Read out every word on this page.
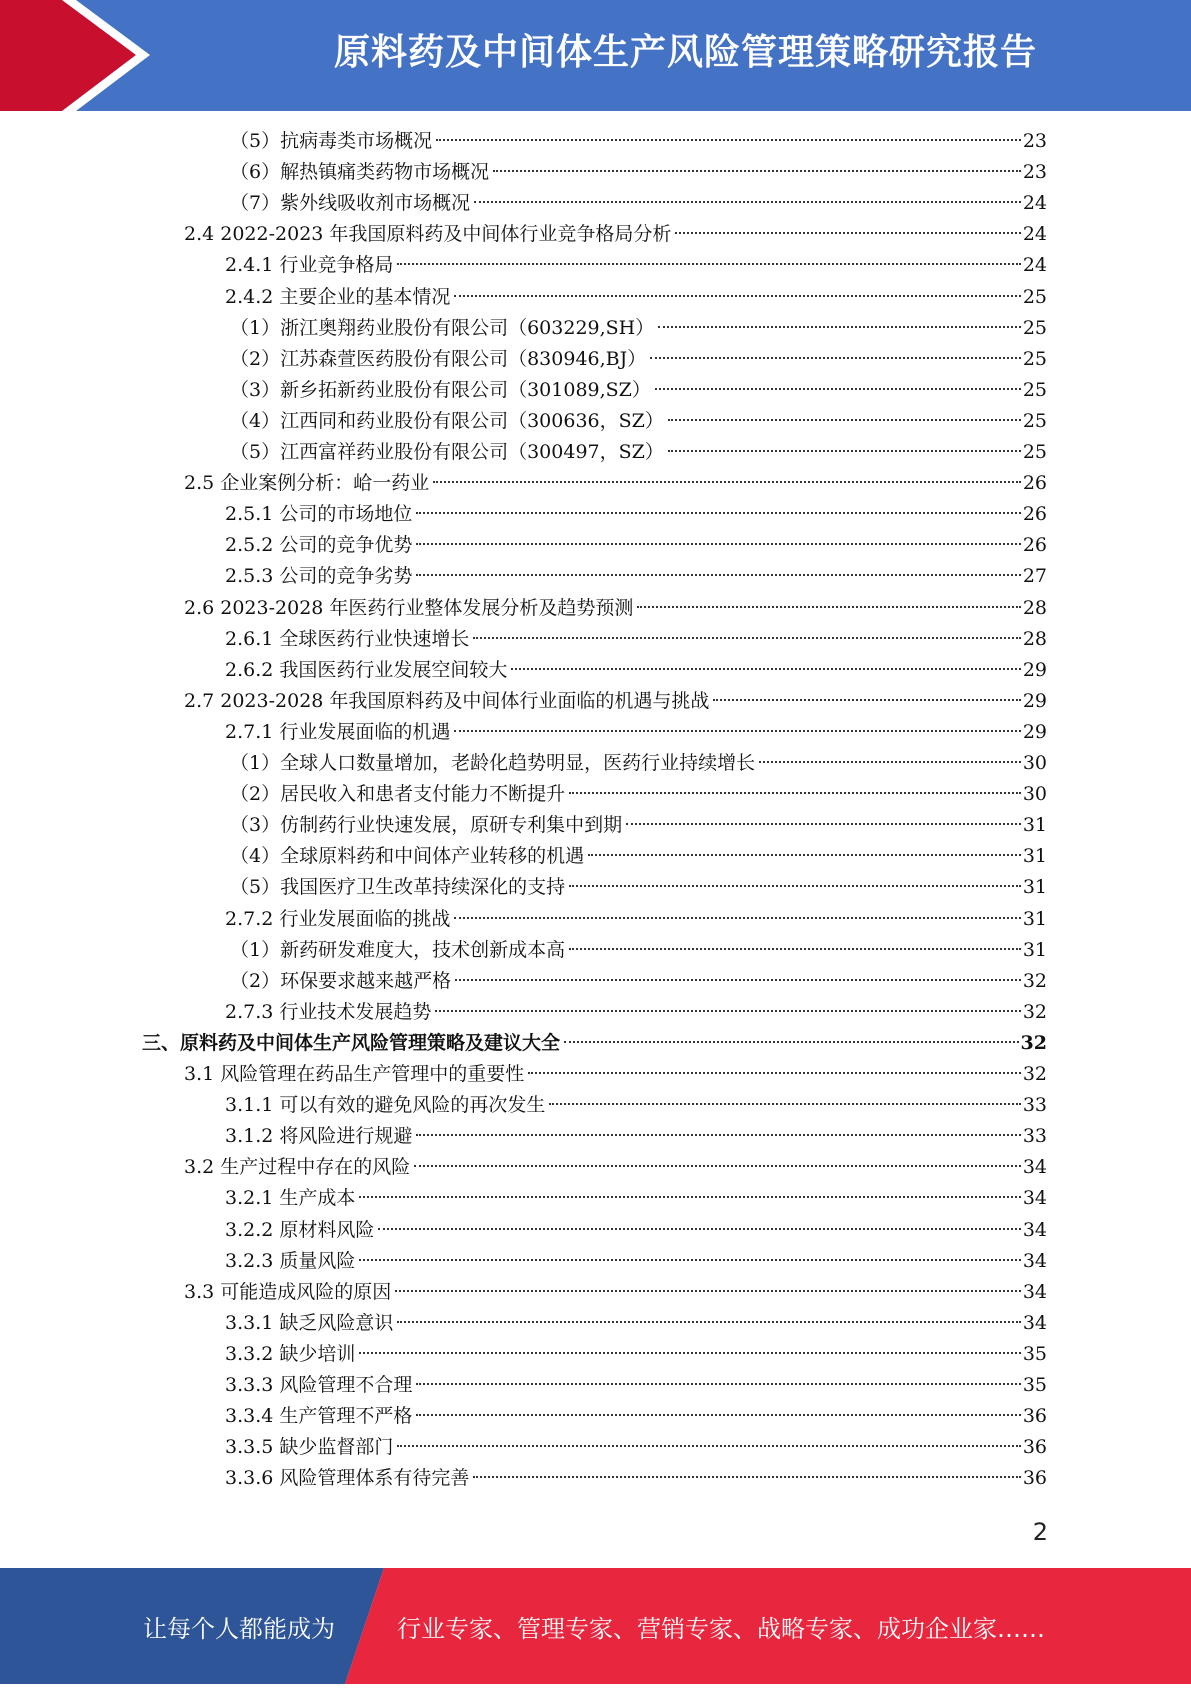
原料药及中间体生产风险管理策略研究报告
（5）抗病毒类市场概况	23
（6）解热镇痛类药物市场概况	23
（7）紫外线吸收剂市场概况	24
2.4 2022-2023 年我国原料药及中间体行业竞争格局分析	24
2.4.1 行业竞争格局	24
2.4.2 主要企业的基本情况	25
（1）浙江奥翔药业股份有限公司（603229,SH）	25
（2）江苏森萱医药股份有限公司（830946,BJ）	25
（3）新乡拓新药业股份有限公司（301089,SZ）	25
（4）江西同和药业股份有限公司（300636，SZ）	25
（5）江西富祥药业股份有限公司（300497，SZ）	25
2.5 企业案例分析：峆一药业	26
2.5.1 公司的市场地位	26
2.5.2 公司的竞争优势	26
2.5.3 公司的竞争劣势	27
2.6 2023-2028 年医药行业整体发展分析及趋势预测	28
2.6.1 全球医药行业快速增长	28
2.6.2 我国医药行业发展空间较大	29
2.7 2023-2028 年我国原料药及中间体行业面临的机遇与挑战	29
2.7.1 行业发展面临的机遇	29
（1）全球人口数量增加，老龄化趋势明显，医药行业持续增长	30
（2）居民收入和患者支付能力不断提升	30
（3）仿制药行业快速发展，原研专利集中到期	31
（4）全球原料药和中间体产业转移的机遇	31
（5）我国医疗卫生改革持续深化的支持	31
2.7.2 行业发展面临的挑战	31
（1）新药研发难度大，技术创新成本高	31
（2）环保要求越来越严格	32
2.7.3 行业技术发展趋势	32
三、原料药及中间体生产风险管理策略及建议大全	32
3.1 风险管理在药品生产管理中的重要性	32
3.1.1 可以有效的避免风险的再次发生	33
3.1.2 将风险进行规避	33
3.2 生产过程中存在的风险	34
3.2.1 生产成本	34
3.2.2 原材料风险	34
3.2.3 质量风险	34
3.3 可能造成风险的原因	34
3.3.1 缺乏风险意识	34
3.3.2 缺少培训	35
3.3.3 风险管理不合理	35
3.3.4 生产管理不严格	36
3.3.5 缺少监督部门	36
3.3.6 风险管理体系有待完善	36
2
让每个人都能成为	行业专家、管理专家、营销专家、战略专家、成功企业家……
